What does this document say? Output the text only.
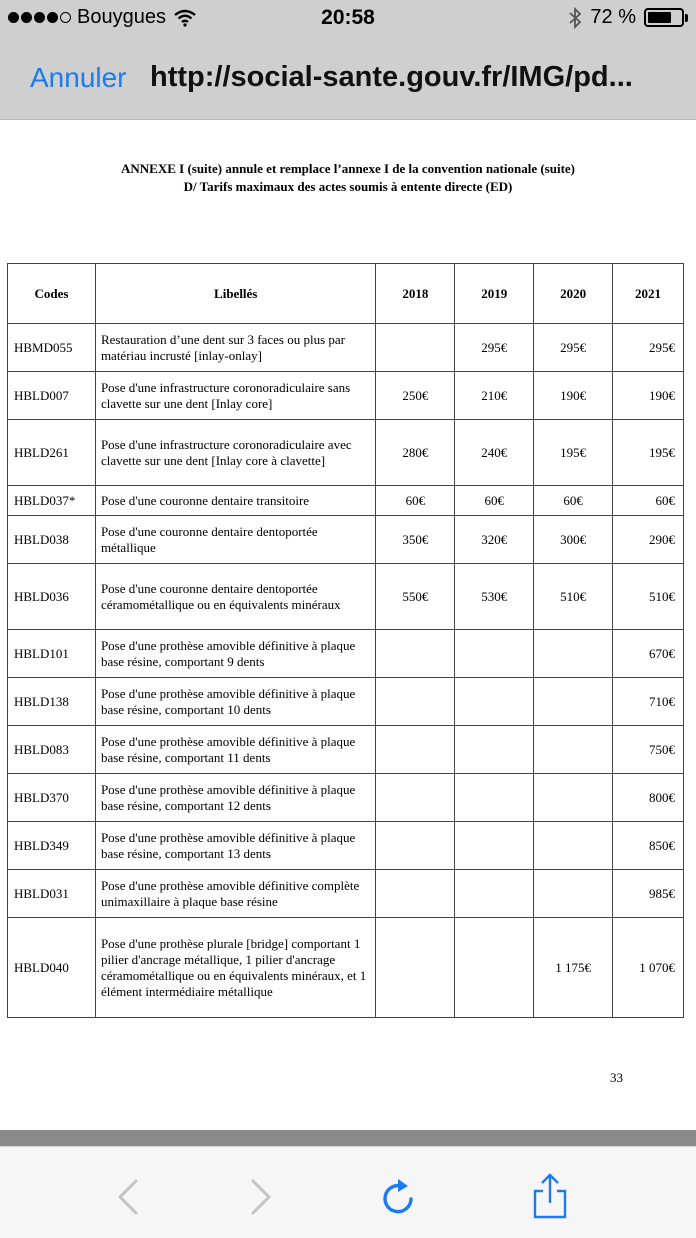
Bouygues	20:58	72 %
Annuler http://social-sante.gouv.fr/IMG/pd...
ANNEXE I (suite) annule et remplace l’annexe I de la convention nationale (suite)
D/ Tarifs maximaux des actes soumis à entente directe (ED)
Codes	Libellés	2018	2019	2020	2021
HBMD055	Restauration d’une dent sur 3 faces ou plus par matériau incrusté [inlay-onlay]		295€	295€	295€
HBLD007	Pose d'une infrastructure coronoradiculaire sans clavette sur une dent [Inlay core]	250€	210€	190€	190€
HBLD261	Pose d'une infrastructure coronoradiculaire avec clavette sur une dent [Inlay core à clavette]	280€	240€	195€	195€
HBLD037*	Pose d'une couronne dentaire transitoire	60€	60€	60€	60€
HBLD038	Pose d'une couronne dentaire dentoportée métallique	350€	320€	300€	290€
HBLD036	Pose d'une couronne dentaire dentoportée céramométallique ou en équivalents minéraux	550€	530€	510€	510€
HBLD101	Pose d'une prothèse amovible définitive à plaque base résine, comportant 9 dents				670€
HBLD138	Pose d'une prothèse amovible définitive à plaque base résine, comportant 10 dents				710€
HBLD083	Pose d'une prothèse amovible définitive à plaque base résine, comportant 11 dents				750€
HBLD370	Pose d'une prothèse amovible définitive à plaque base résine, comportant 12 dents				800€
HBLD349	Pose d'une prothèse amovible définitive à plaque base résine, comportant 13 dents				850€
HBLD031	Pose d'une prothèse amovible définitive complète unimaxillaire à plaque base résine				985€
HBLD040	Pose d'une prothèse plurale [bridge] comportant 1 pilier d'ancrage métallique, 1 pilier d'ancrage céramométallique ou en équivalents minéraux, et 1 élément intermédiaire métallique			1 175€	1 070€
33
